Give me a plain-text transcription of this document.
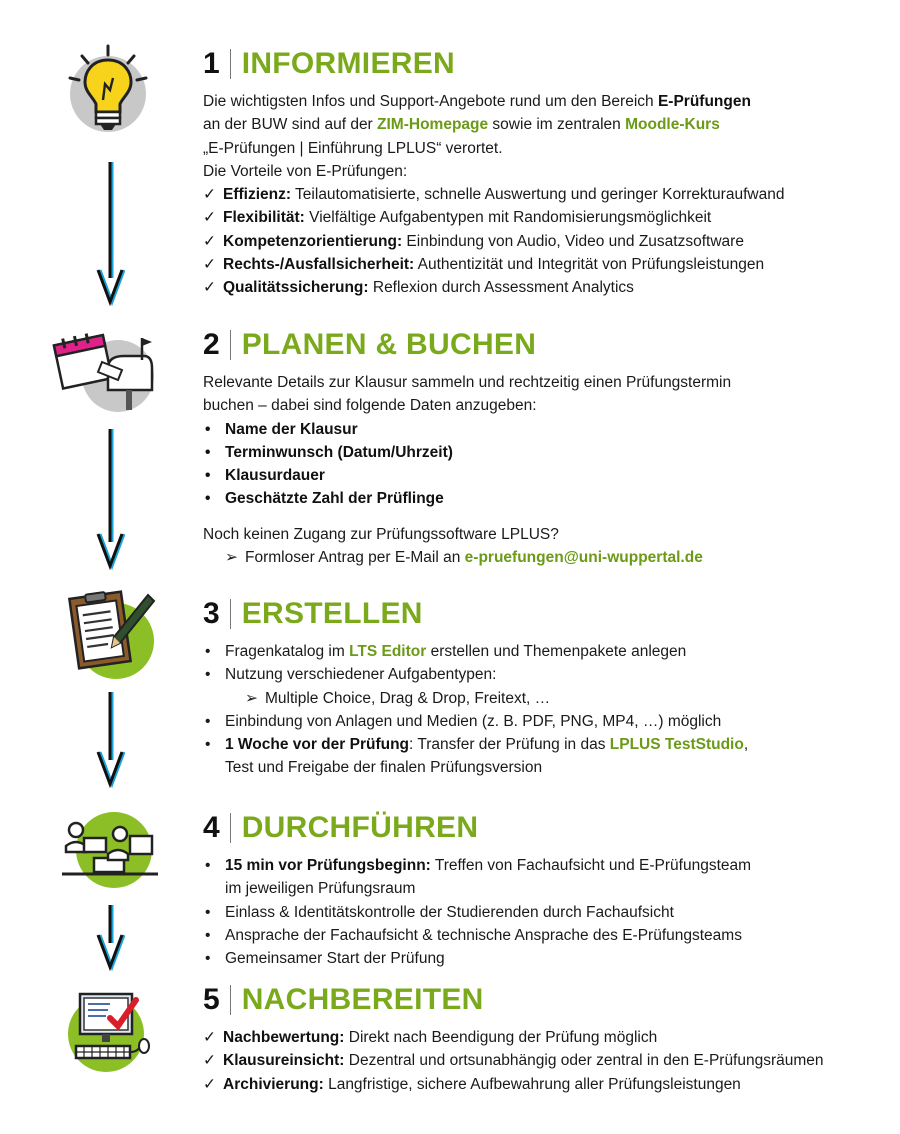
1 INFORMIEREN
Die wichtigsten Infos und Support-Angebote rund um den Bereich E-Prüfungen
an der BUW sind auf der ZIM-Homepage sowie im zentralen Moodle-Kurs
„E-Prüfungen | Einführung LPLUS“ verortet.
Die Vorteile von E-Prüfungen:
✓ Effizienz: Teilautomatisierte, schnelle Auswertung und geringer Korrekturaufwand
✓ Flexibilität: Vielfältige Aufgabentypen mit Randomisierungsmöglichkeit
✓ Kompetenzorientierung: Einbindung von Audio, Video und Zusatzsoftware
✓ Rechts-/Ausfallsicherheit: Authentizität und Integrität von Prüfungsleistungen
✓ Qualitätssicherung: Reflexion durch Assessment Analytics
2 PLANEN & BUCHEN
Relevante Details zur Klausur sammeln und rechtzeitig einen Prüfungstermin
buchen – dabei sind folgende Daten anzugeben:
• Name der Klausur
• Terminwunsch (Datum/Uhrzeit)
• Klausurdauer
• Geschätzte Zahl der Prüflinge
Noch keinen Zugang zur Prüfungssoftware LPLUS?
➢ Formloser Antrag per E-Mail an e-pruefungen@uni-wuppertal.de
3 ERSTELLEN
• Fragenkatalog im LTS Editor erstellen und Themenpakete anlegen
• Nutzung verschiedener Aufgabentypen:
➢ Multiple Choice, Drag & Drop, Freitext, …
• Einbindung von Anlagen und Medien (z. B. PDF, PNG, MP4, …) möglich
• 1 Woche vor der Prüfung: Transfer der Prüfung in das LPLUS TestStudio,
Test und Freigabe der finalen Prüfungsversion
4 DURCHFÜHREN
• 15 min vor Prüfungsbeginn: Treffen von Fachaufsicht und E-Prüfungsteam
im jeweiligen Prüfungsraum
• Einlass & Identitätskontrolle der Studierenden durch Fachaufsicht
• Ansprache der Fachaufsicht & technische Ansprache des E-Prüfungsteams
• Gemeinsamer Start der Prüfung
5 NACHBEREITEN
✓ Nachbewertung: Direkt nach Beendigung der Prüfung möglich
✓ Klausureinsicht: Dezentral und ortsunabhängig oder zentral in den E-Prüfungsräumen
✓ Archivierung: Langfristige, sichere Aufbewahrung aller Prüfungsleistungen
